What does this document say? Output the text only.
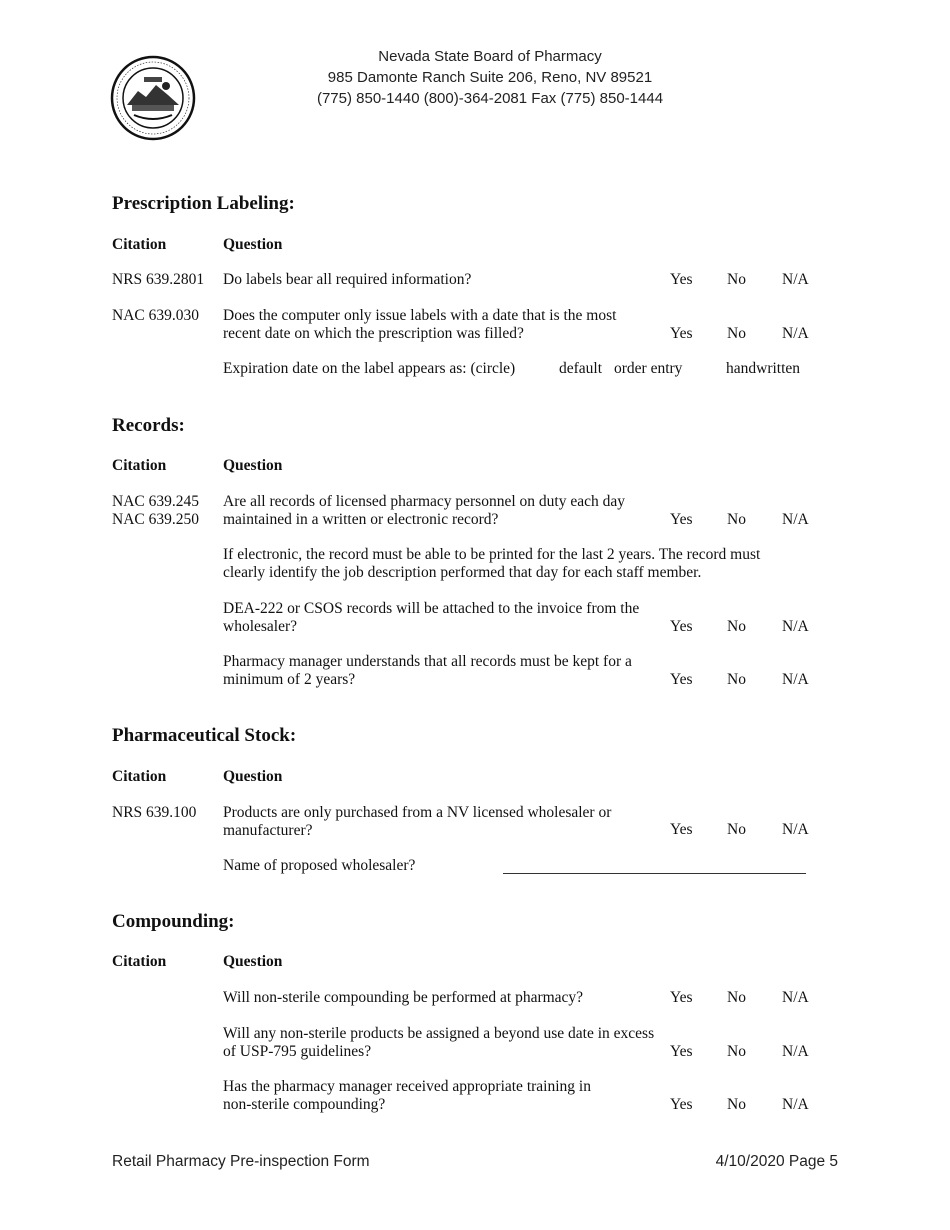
Nevada State Board of Pharmacy
985 Damonte Ranch Suite 206, Reno, NV 89521
(775) 850-1440 (800)-364-2081 Fax (775) 850-1444
Prescription Labeling:
Citation	Question
NRS 639.2801 Do labels bear all required information?	Yes No N/A
NAC 639.030 Does the computer only issue labels with a date that is the most
recent date on which the prescription was filled?	Yes No N/A
Expiration date on the label appears as: (circle)	default order entry	handwritten
Records:
Citation	Question
NAC 639.245
NAC 639.250
Are all records of licensed pharmacy personnel on duty each day
maintained in a written or electronic record?	Yes No N/A
If electronic, the record must be able to be printed for the last 2 years. The record must
clearly identify the job description performed that day for each staff member.
DEA-222 or CSOS records will be attached to the invoice from the
wholesaler?	Yes No N/A
Pharmacy manager understands that all records must be kept for a
minimum of 2 years?	Yes No N/A
Pharmaceutical Stock:
Citation	Question
NRS 639.100 Products are only purchased from a NV licensed wholesaler or
manufacturer?	Yes No N/A
Name of proposed wholesaler?
Compounding:
Citation	Question
Will non-sterile compounding be performed at pharmacy?	Yes No N/A
Will any non-sterile products be assigned a beyond use date in excess
of USP-795 guidelines?	Yes No N/A
Has the pharmacy manager received appropriate training in
non-sterile compounding?	Yes No N/A
Retail Pharmacy Pre-inspection Form	4/10/2020 Page 5
